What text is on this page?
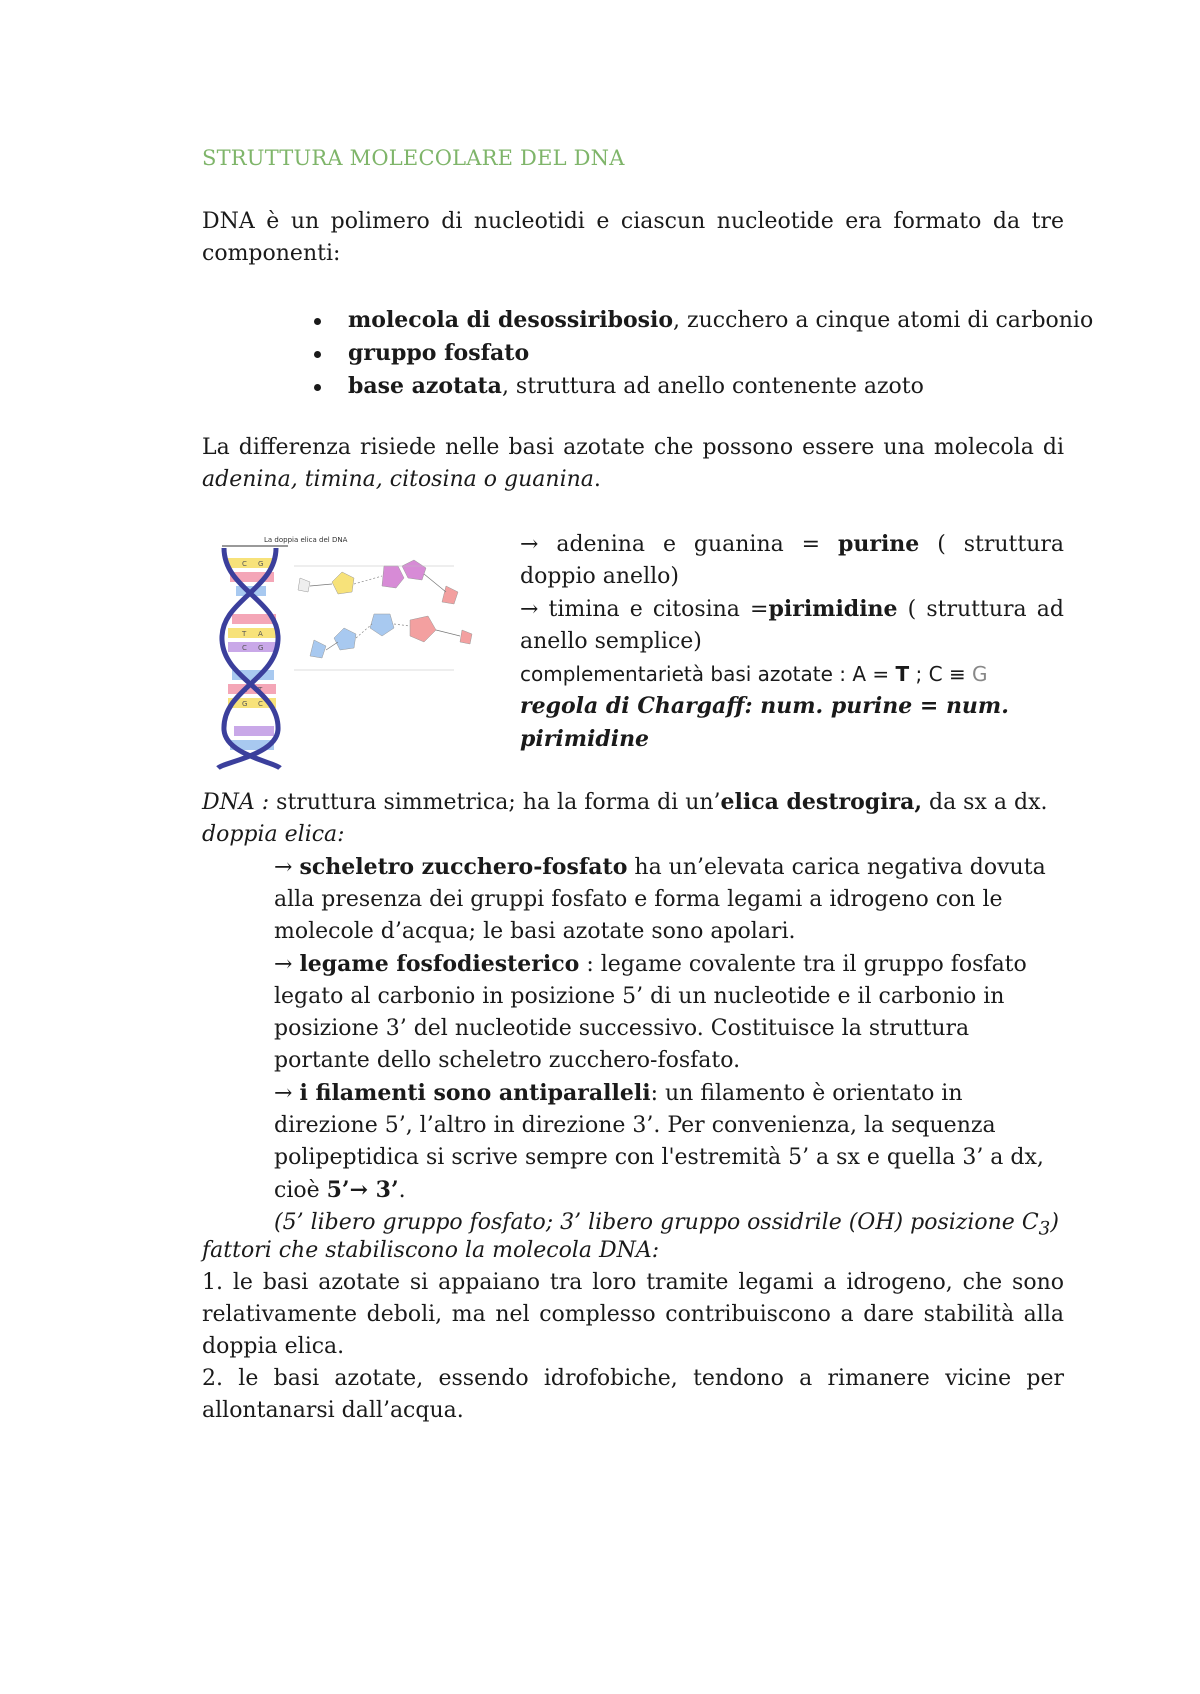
STRUTTURA MOLECOLARE DEL DNA
DNA è un polimero di nucleotidi e ciascun nucleotide era formato da tre componenti:
molecola di desossiribosio, zucchero a cinque atomi di carbonio
gruppo fosfato
base azotata, struttura ad anello contenente azoto
La differenza risiede nelle basi azotate che possono essere una molecola di adenina, timina, citosina o guanina.
La doppia elica del DNA
C G
T A
C G
A T
G C
→ adenina e guanina = purine ( struttura doppio anello)
→ timina e citosina =pirimidine ( struttura ad anello semplice)
complementarietà basi azotate : A = T ; C ≡ G
regola di Chargaff: num. purine = num. pirimidine
DNA : struttura simmetrica; ha la forma di un’elica destrogira, da sx a dx.
doppia elica:
→ scheletro zucchero-fosfato ha un’elevata carica negativa dovuta alla presenza dei gruppi fosfato e forma legami a idrogeno con le molecole d’acqua; le basi azotate sono apolari.
→ legame fosfodiesterico : legame covalente tra il gruppo fosfato legato al carbonio in posizione 5’ di un nucleotide e il carbonio in posizione 3’ del nucleotide successivo. Costituisce la struttura portante dello scheletro zucchero-fosfato.
→ i filamenti sono antiparalleli: un filamento è orientato in direzione 5’, l’altro in direzione 3’. Per convenienza, la sequenza polipeptidica si scrive sempre con l'estremità 5’ a sx e quella 3’ a dx, cioè 5’→ 3’.
(5’ libero gruppo fosfato; 3’ libero gruppo ossidrile (OH) posizione $C_3$)
fattori che stabiliscono la molecola DNA:
1. le basi azotate si appaiano tra loro tramite legami a idrogeno, che sono relativamente deboli, ma nel complesso contribuiscono a dare stabilità alla doppia elica.
2. le basi azotate, essendo idrofobiche, tendono a rimanere vicine per allontanarsi dall’acqua.
